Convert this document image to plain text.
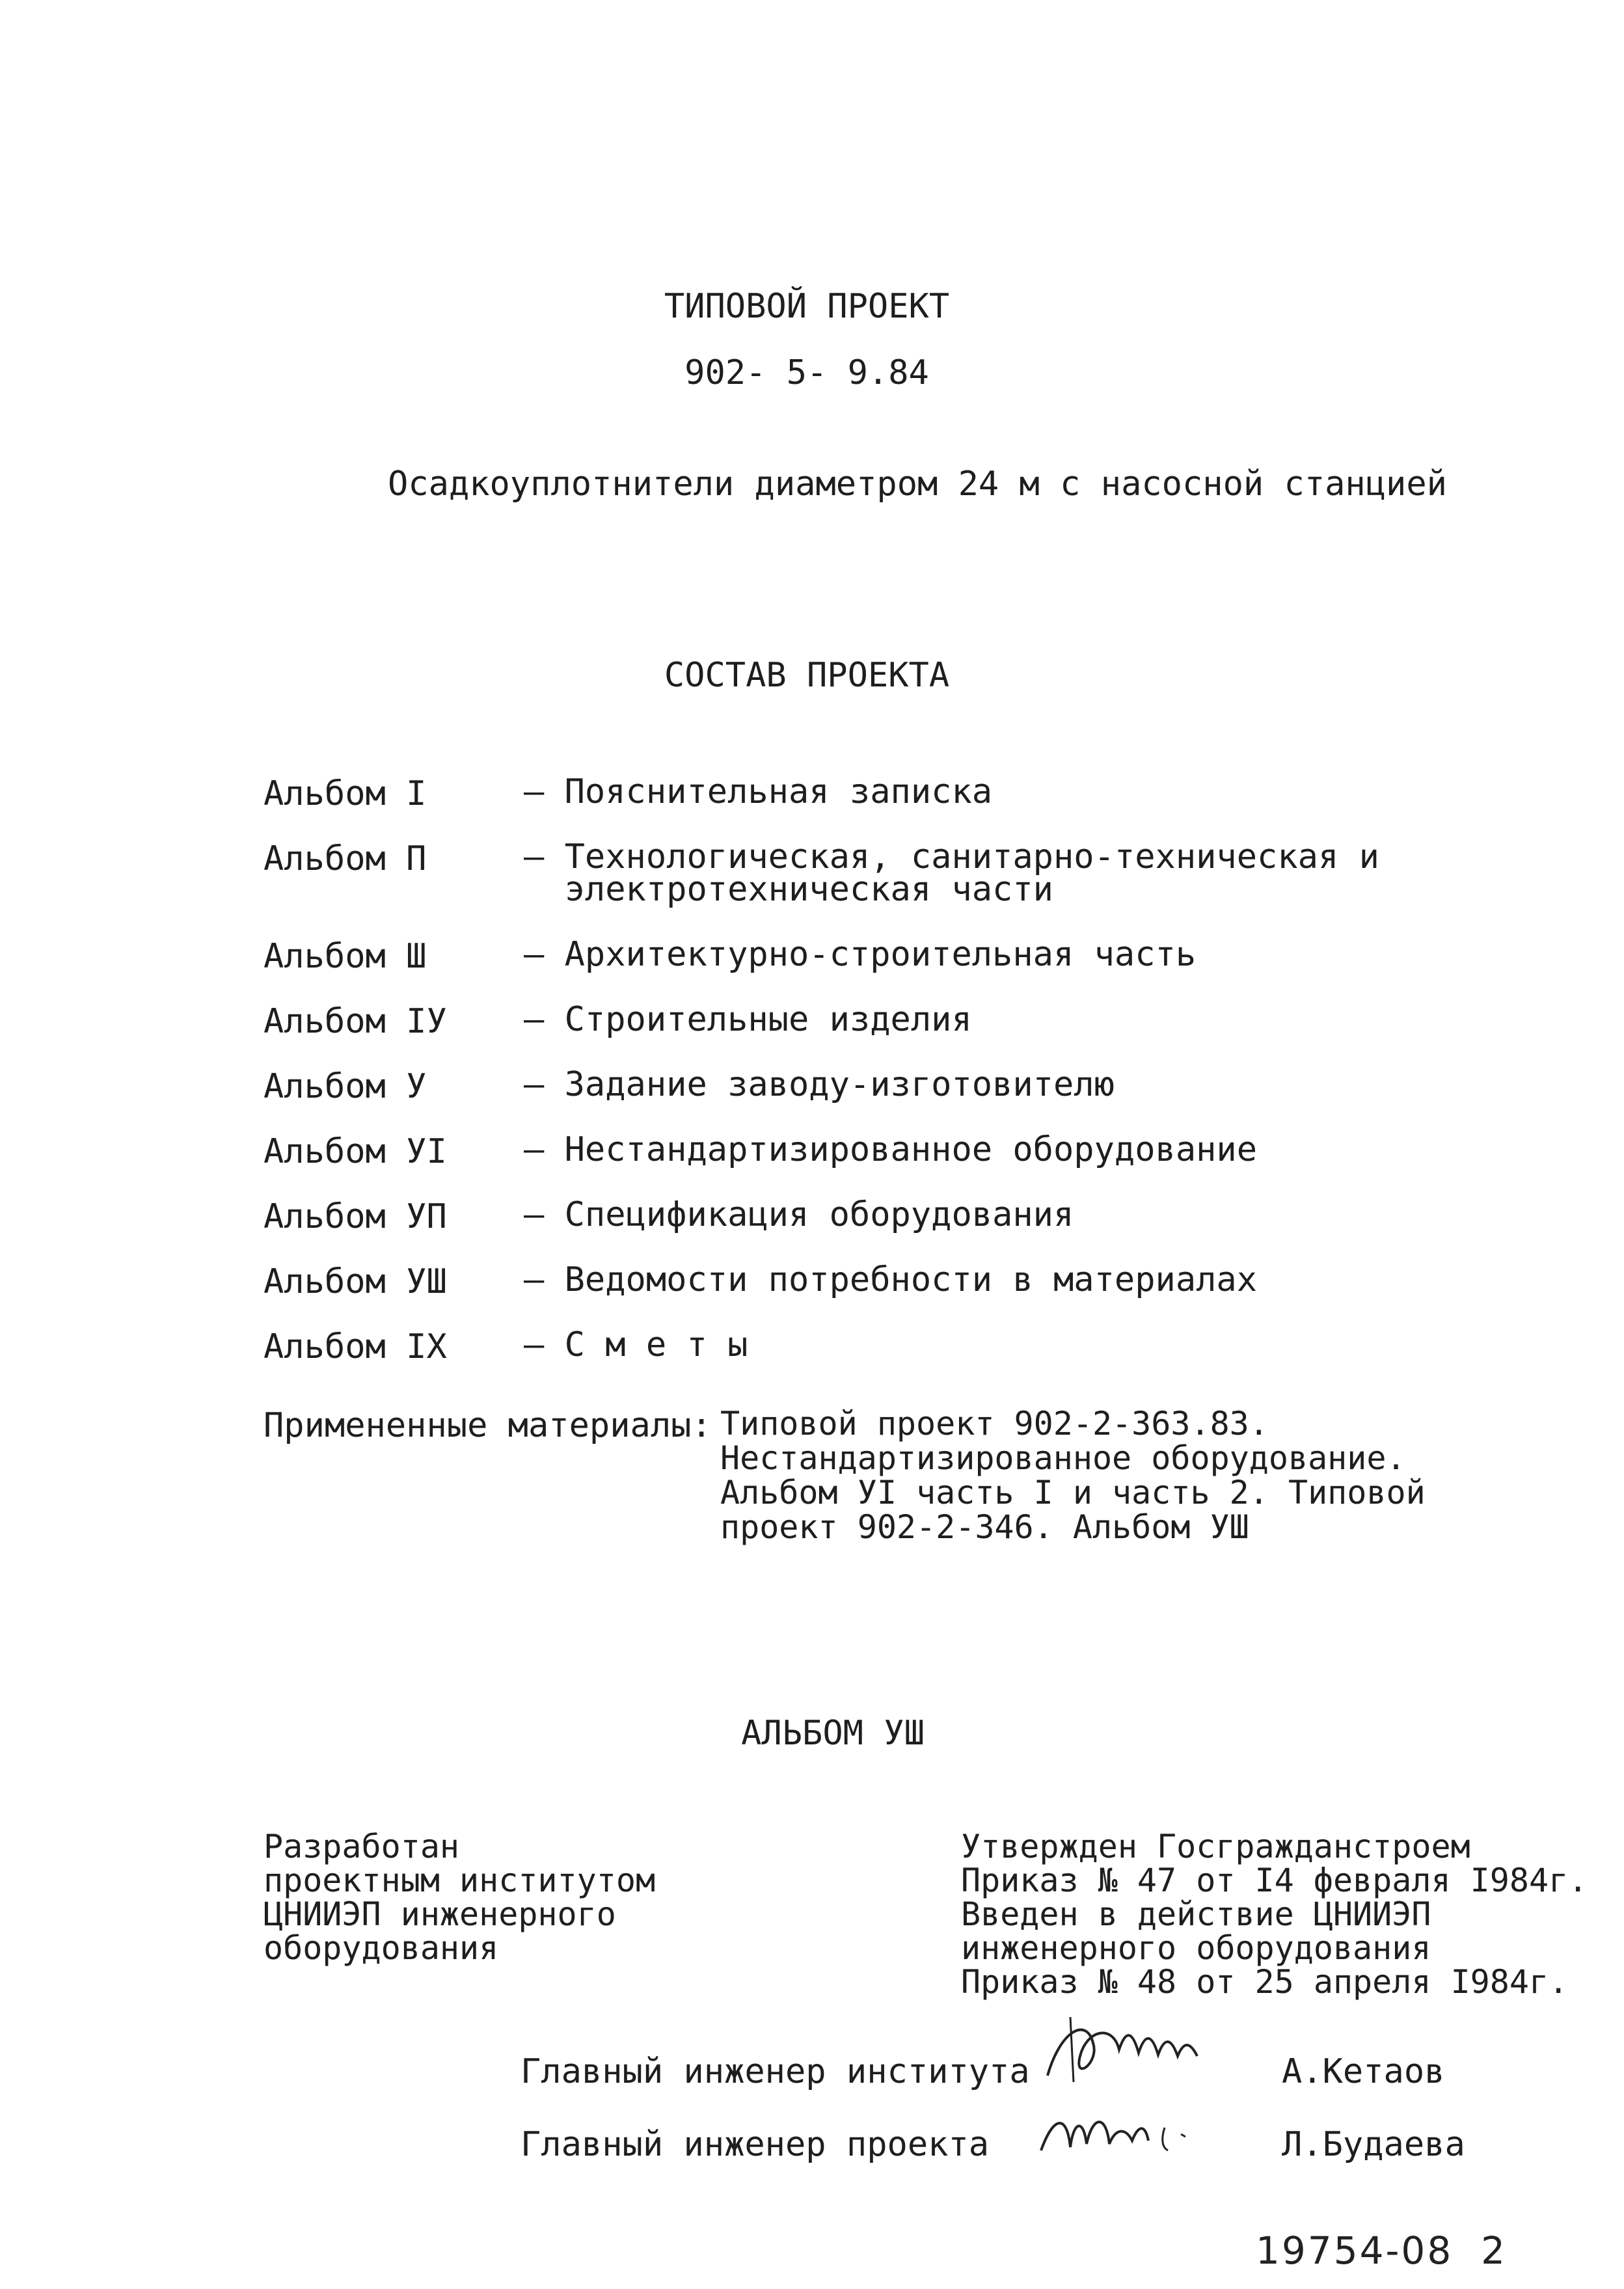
ТИПОВОЙ ПРОЕКТ
902- 5- 9.84
Осадкоуплотнители диаметром 24 м с насосной станцией
СОСТАВ ПРОЕКТА
Альбом I	– Пояснительная записка
Альбом П	– Технологическая, санитарно-техническая и
электротехническая части
Альбом Ш	– Архитектурно-строительная часть
Альбом IУ – Строительные изделия
Альбом У	– Задание заводу-изготовителю
Альбом УI – Нестандартизированное оборудование
Альбом УП – Спецификация оборудования
Альбом УШ – Ведомости потребности в материалах
Альбом IХ – С м е т ы
Примененные материалы: Типовой проект 902-2-363.83.
Нестандартизированное оборудование.
Альбом УI часть I и часть 2. Типовой
проект 902-2-346. Альбом УШ
АЛЬБОМ УШ
Разработан
проектным институтом
ЦНИИЭП инженерного
оборудования
Утвержден Госгражданстроем
Приказ № 47 от I4 февраля I984г.
Введен в действие ЦНИИЭП
инженерного оборудования
Приказ № 48 от 25 апреля I984г.
Главный инженер института	А.Кетаов
Главный инженер проекта	Л.Будаева
19754-08  2
